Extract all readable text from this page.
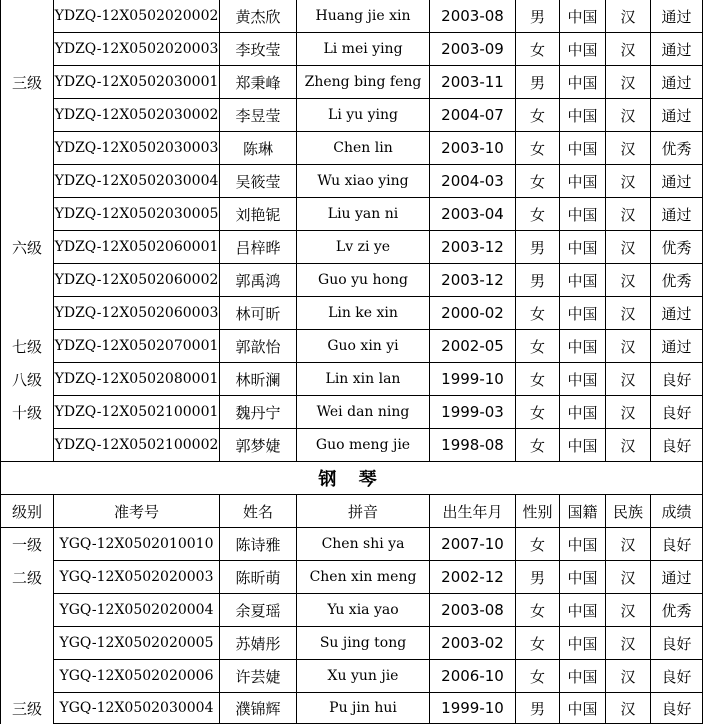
	YDZQ-12X0502020002	黄杰欣	Huang jie xin	2003-08	男	中国	汉	通过
	YDZQ-12X0502020003	李玫莹	Li mei ying	2003-09	女	中国	汉	通过
三级	YDZQ-12X0502030001	郑秉峰	Zheng bing feng	2003-11	男	中国	汉	通过
	YDZQ-12X0502030002	李昱莹	Li yu ying	2004-07	女	中国	汉	通过
	YDZQ-12X0502030003	陈琳	Chen lin	2003-10	女	中国	汉	优秀
	YDZQ-12X0502030004	吴筱莹	Wu xiao ying	2004-03	女	中国	汉	通过
	YDZQ-12X0502030005	刘艳铌	Liu yan ni	2003-04	女	中国	汉	通过
六级	YDZQ-12X0502060001	吕梓晔	Lv zi ye	2003-12	男	中国	汉	优秀
	YDZQ-12X0502060002	郭禹鸿	Guo yu hong	2003-12	男	中国	汉	优秀
	YDZQ-12X0502060003	林可昕	Lin ke xin	2000-02	女	中国	汉	通过
七级	YDZQ-12X0502070001	郭歆怡	Guo xin yi	2002-05	女	中国	汉	通过
八级	YDZQ-12X0502080001	林昕澜	Lin xin lan	1999-10	女	中国	汉	良好
十级	YDZQ-12X0502100001	魏丹宁	Wei dan ning	1999-03	女	中国	汉	良好
	YDZQ-12X0502100002	郭梦婕	Guo meng jie	1998-08	女	中国	汉	良好
钢 琴								
级别	准考号	姓名	拼音	出生年月	性别	国籍	民族	成绩
一级	YGQ-12X0502010010	陈诗雅	Chen shi ya	2007-10	女	中国	汉	良好
二级	YGQ-12X0502020003	陈昕萌	Chen xin meng	2002-12	男	中国	汉	通过
	YGQ-12X0502020004	余夏瑶	Yu xia yao	2003-08	女	中国	汉	优秀
	YGQ-12X0502020005	苏婧彤	Su jing tong	2003-02	女	中国	汉	良好
	YGQ-12X0502020006	许芸婕	Xu yun jie	2006-10	女	中国	汉	良好
三级	YGQ-12X0502030004	濮锦辉	Pu jin hui	1999-10	男	中国	汉	良好
